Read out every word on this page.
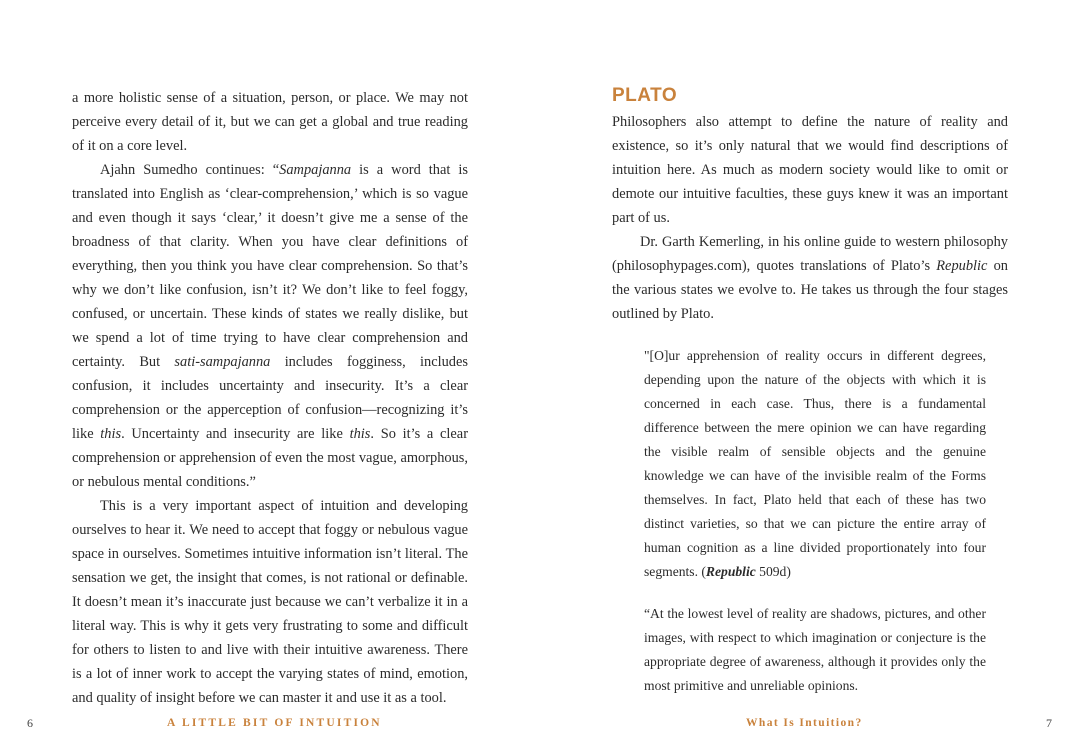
a more holistic sense of a situation, person, or place. We may not perceive every detail of it, but we can get a global and true reading of it on a core level.

Ajahn Sumedho continues: “Sampajanna is a word that is translated into English as ‘clear-comprehension,’ which is so vague and even though it says ‘clear,’ it doesn’t give me a sense of the broadness of that clarity. When you have clear definitions of everything, then you think you have clear comprehension. So that’s why we don’t like confusion, isn’t it? We don’t like to feel foggy, confused, or uncertain. These kinds of states we really dislike, but we spend a lot of time trying to have clear comprehension and certainty. But sati-sampajanna includes fogginess, includes confusion, it includes uncertainty and insecurity. It’s a clear comprehension or the apperception of confusion—recognizing it’s like this. Uncertainty and insecurity are like this. So it’s a clear comprehension or apprehension of even the most vague, amorphous, or nebulous mental conditions.”

This is a very important aspect of intuition and developing ourselves to hear it. We need to accept that foggy or nebulous vague space in ourselves. Sometimes intuitive information isn’t literal. The sensation we get, the insight that comes, is not rational or definable. It doesn’t mean it’s inaccurate just because we can’t verbalize it in a literal way. This is why it gets very frustrating to some and difficult for others to listen to and live with their intuitive awareness. There is a lot of inner work to accept the varying states of mind, emotion, and quality of insight before we can master it and use it as a tool.

6	A LITTLE BIT OF INTUITION
PLATO

Philosophers also attempt to define the nature of reality and existence, so it’s only natural that we would find descriptions of intuition here. As much as modern society would like to omit or demote our intuitive faculties, these guys knew it was an important part of us.

Dr. Garth Kemerling, in his online guide to western philosophy (philosophypages.com), quotes translations of Plato’s Republic on the various states we evolve to. He takes us through the four stages outlined by Plato.

"[O]ur apprehension of reality occurs in different degrees, depending upon the nature of the objects with which it is concerned in each case. Thus, there is a fundamental difference between the mere opinion we can have regarding the visible realm of sensible objects and the genuine knowledge we can have of the invisible realm of the Forms themselves. In fact, Plato held that each of these has two distinct varieties, so that we can picture the entire array of human cognition as a line divided proportionately into four segments. (Republic 509d)

“At the lowest level of reality are shadows, pictures, and other images, with respect to which imagination or conjecture is the appropriate degree of awareness, although it provides only the most primitive and unreliable opinions.

What Is Intuition?	7
